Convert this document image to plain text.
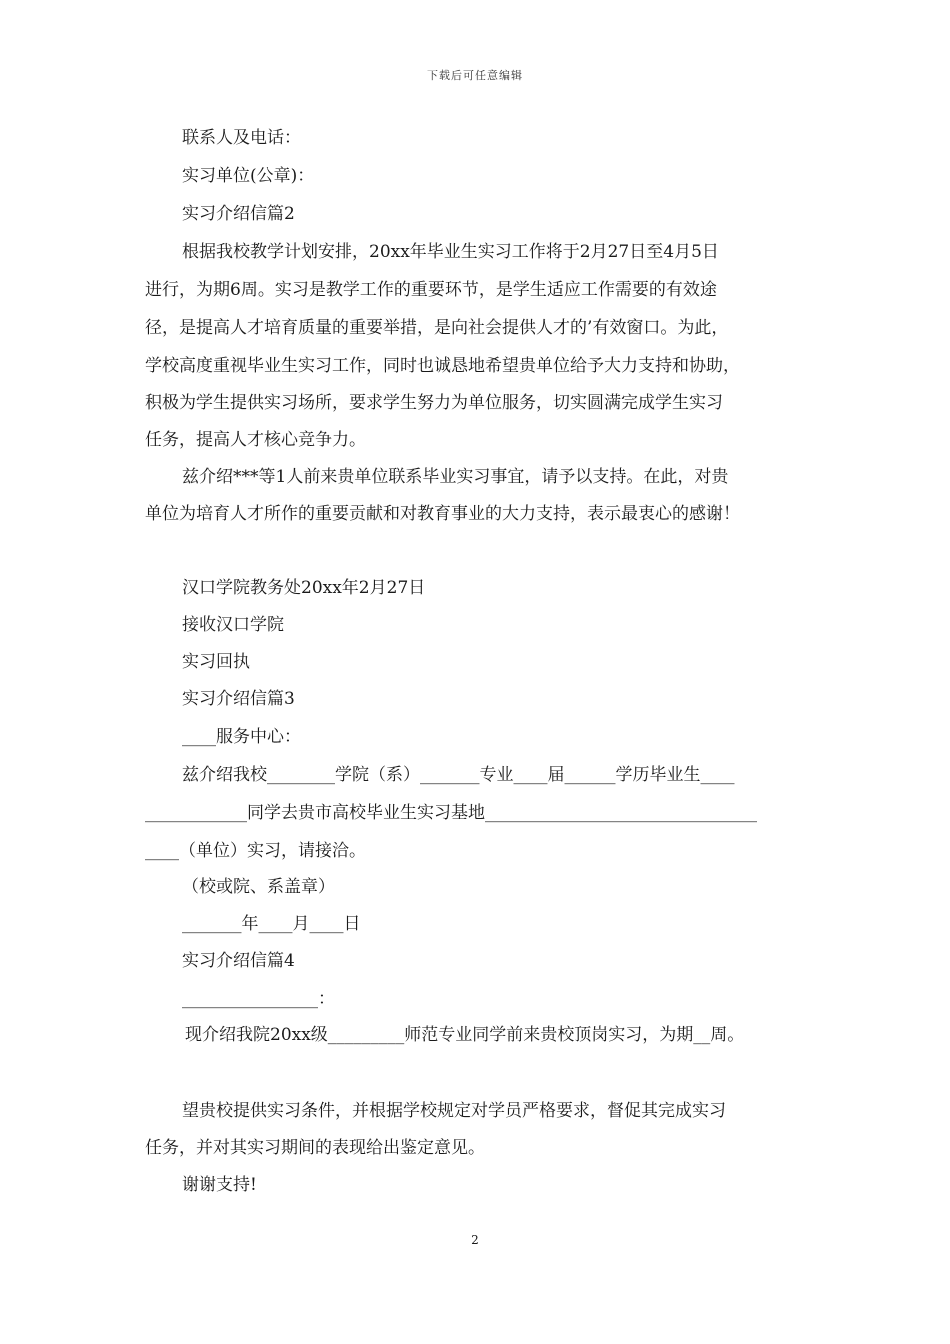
下载后可任意编辑
联系人及电话：
实习单位(公章)：
实习介绍信篇2
根据我校教学计划安排，20xx年毕业生实习工作将于2月27日至4月5日
进行，为期6周。实习是教学工作的重要环节，是学生适应工作需要的有效途
径，是提高人才培育质量的重要举措，是向社会提供人才的’有效窗口。为此，
学校高度重视毕业生实习工作，同时也诚恳地希望贵单位给予大力支持和协助，
积极为学生提供实习场所，要求学生努力为单位服务，切实圆满完成学生实习
任务，提高人才核心竞争力。
兹介绍***等1人前来贵单位联系毕业实习事宜，请予以支持。在此，对贵
单位为培育人才所作的重要贡献和对教育事业的大力支持，表示最衷心的感谢！
汉口学院教务处20xx年2月27日
接收汉口学院
实习回执
实习介绍信篇3
____服务中心：
兹介绍我校________学院（系）_______专业____届______学历毕业生____
____________同学去贵市高校毕业生实习基地________________________________
____（单位）实习，请接洽。
（校或院、系盖章）
_______年____月____日
实习介绍信篇4
________________：
现介绍我院20xx级_________师范专业同学前来贵校顶岗实习，为期__周。
望贵校提供实习条件，并根据学校规定对学员严格要求，督促其完成实习
任务，并对其实习期间的表现给出鉴定意见。
谢谢支持!
2
